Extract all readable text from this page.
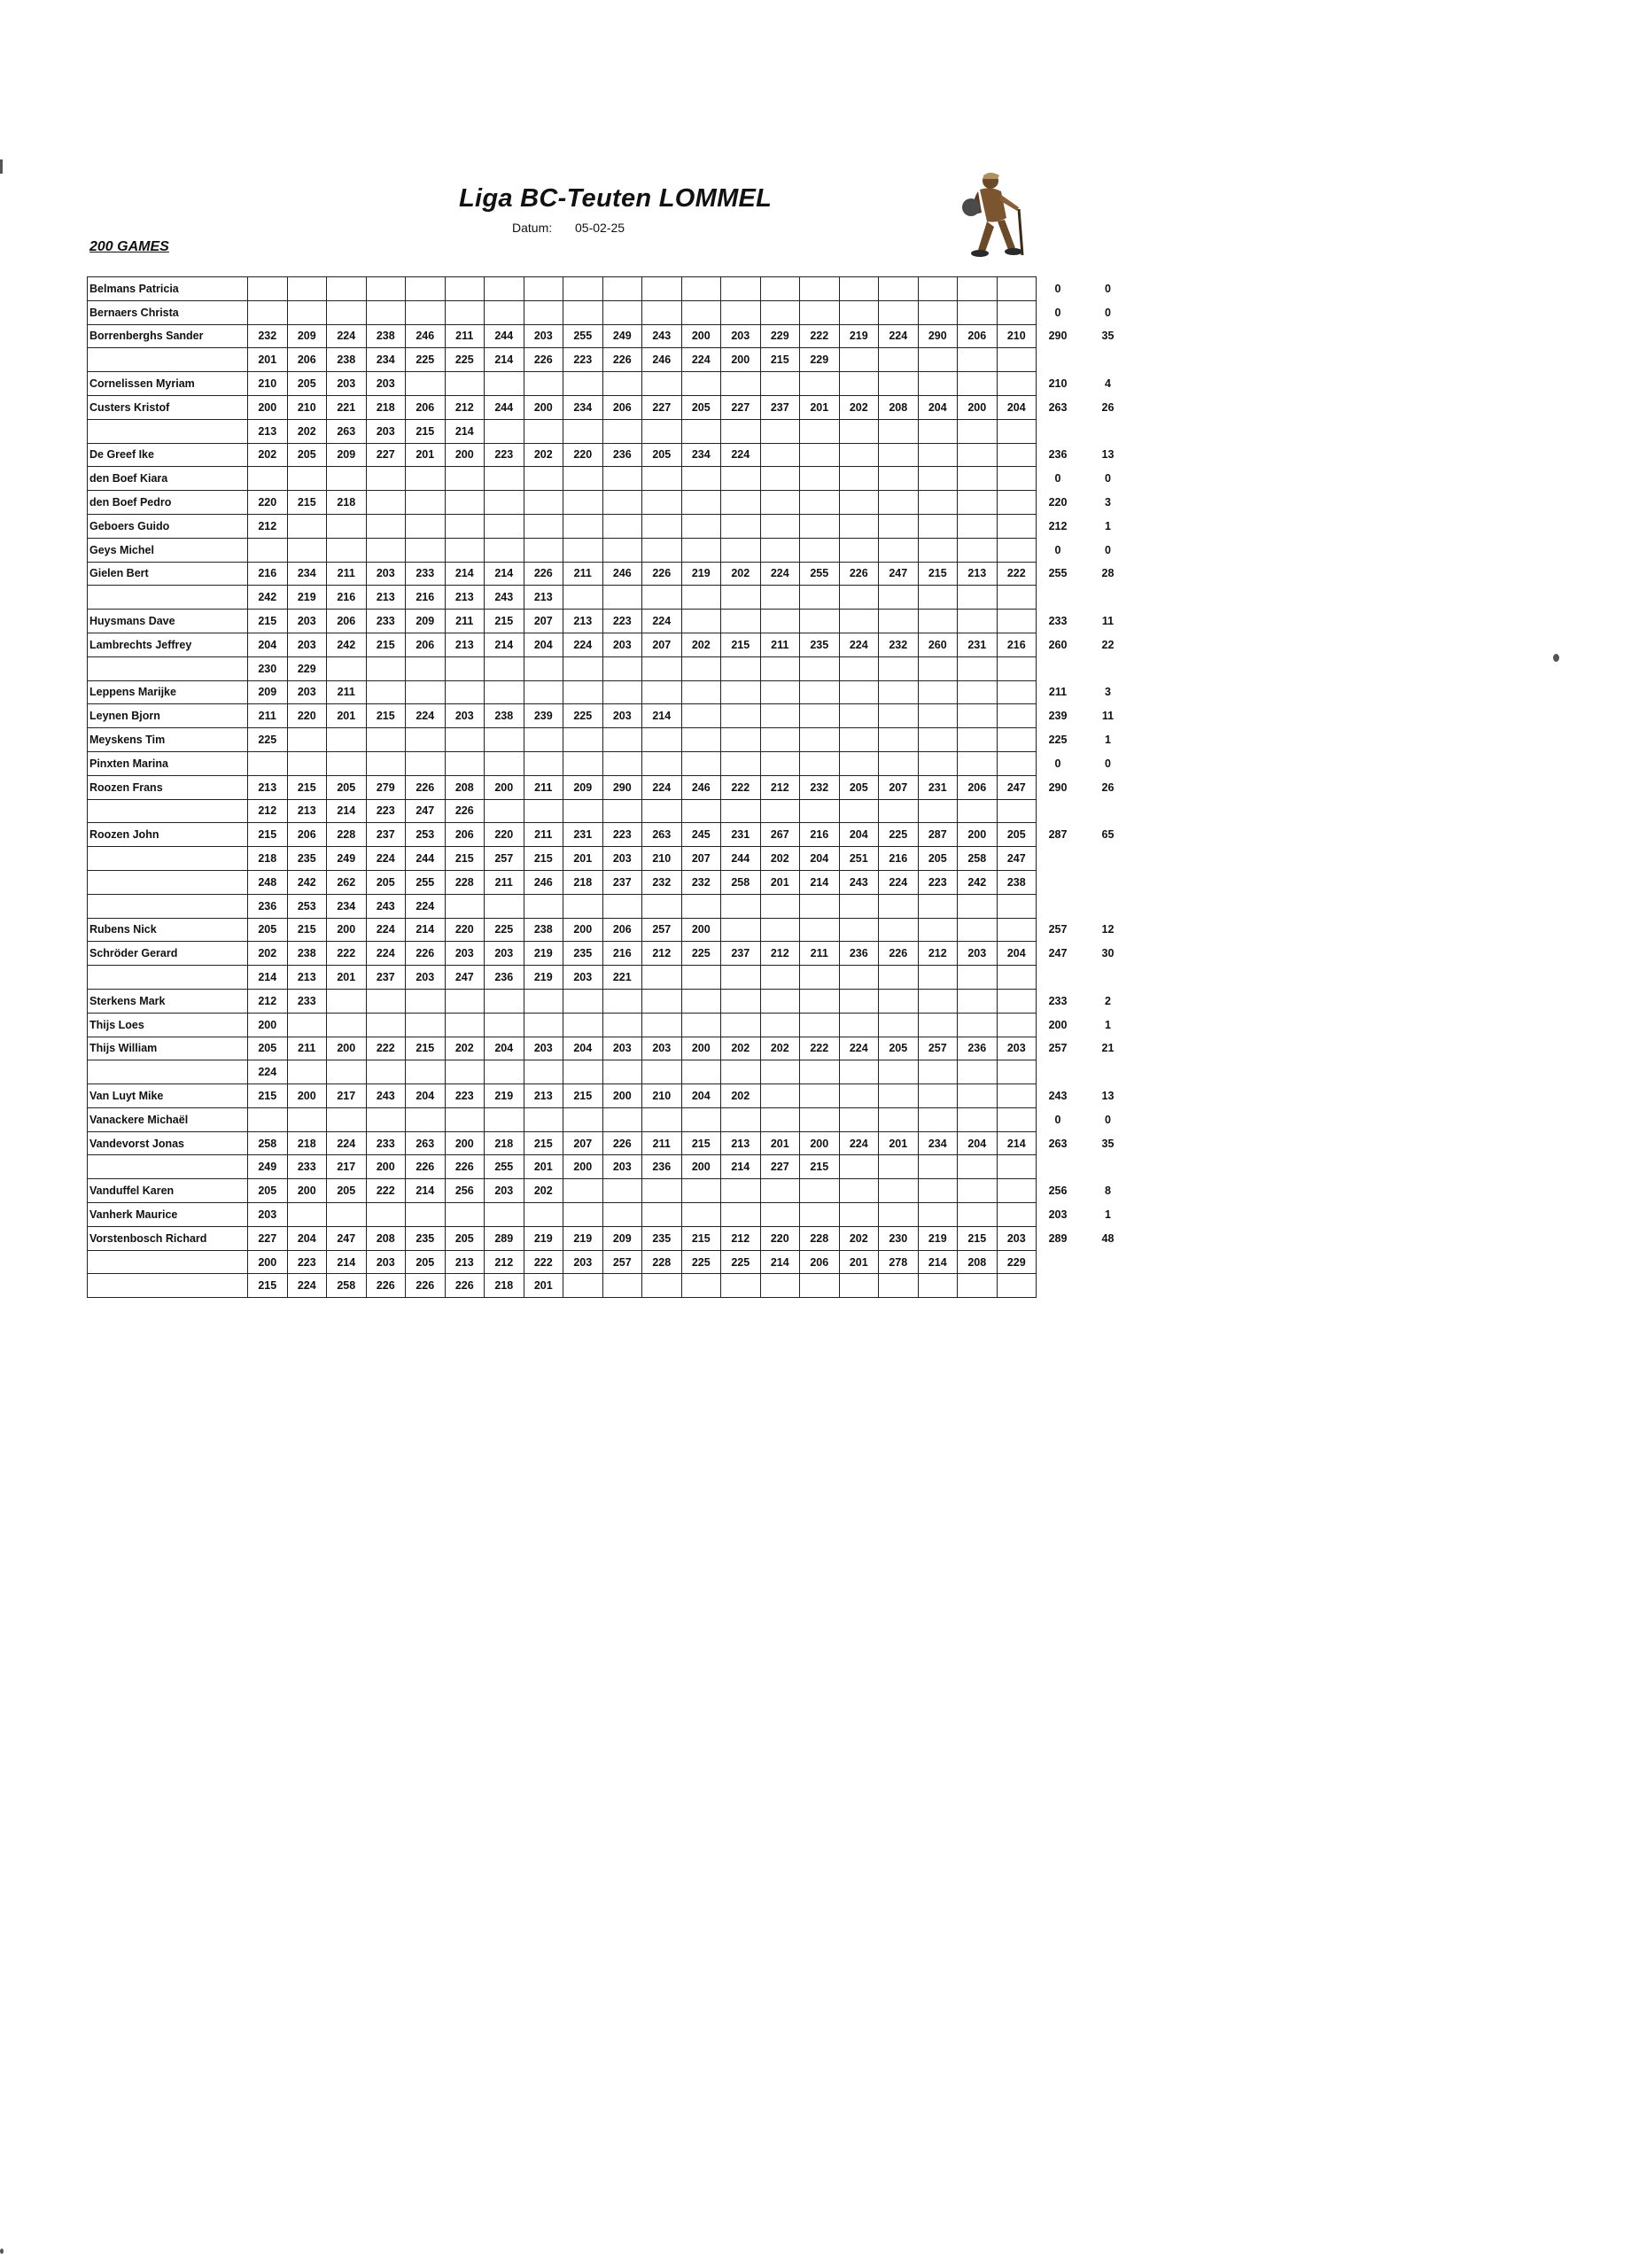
Liga BC-Teuten LOMMEL
Datum: 05-02-25
200 GAMES
Belmans Patricia																					0	0
Bernaers Christa																					0	0
Borrenberghs Sander	232	209	224	238	246	211	244	203	255	249	243	200	203	229	222	219	224	290	206	210	290	35
	201	206	238	234	225	225	214	226	223	226	246	224	200	215	229							
Cornelissen Myriam	210	205	203	203																	210	4
Custers Kristof	200	210	221	218	206	212	244	200	234	206	227	205	227	237	201	202	208	204	200	204	263	26
	213	202	263	203	215	214																
De Greef Ike	202	205	209	227	201	200	223	202	220	236	205	234	224								236	13
den Boef Kiara																					0	0
den Boef Pedro	220	215	218																		220	3
Geboers Guido	212																				212	1
Geys Michel																					0	0
Gielen Bert	216	234	211	203	233	214	214	226	211	246	226	219	202	224	255	226	247	215	213	222	255	28
	242	219	216	213	216	213	243	213														
Huysmans Dave	215	203	206	233	209	211	215	207	213	223	224										233	11
Lambrechts Jeffrey	204	203	242	215	206	213	214	204	224	203	207	202	215	211	235	224	232	260	231	216	260	22
	230	229																				
Leppens Marijke	209	203	211																		211	3
Leynen Bjorn	211	220	201	215	224	203	238	239	225	203	214										239	11
Meyskens Tim	225																				225	1
Pinxten Marina																					0	0
Roozen Frans	213	215	205	279	226	208	200	211	209	290	224	246	222	212	232	205	207	231	206	247	290	26
	212	213	214	223	247	226																
Roozen John	215	206	228	237	253	206	220	211	231	223	263	245	231	267	216	204	225	287	200	205	287	65
	218	235	249	224	244	215	257	215	201	203	210	207	244	202	204	251	216	205	258	247		
	248	242	262	205	255	228	211	246	218	237	232	232	258	201	214	243	224	223	242	238		
	236	253	234	243	224																	
Rubens Nick	205	215	200	224	214	220	225	238	200	206	257	200									257	12
Schröder Gerard	202	238	222	224	226	203	203	219	235	216	212	225	237	212	211	236	226	212	203	204	247	30
	214	213	201	237	203	247	236	219	203	221												
Sterkens Mark	212	233																			233	2
Thijs Loes	200																				200	1
Thijs William	205	211	200	222	215	202	204	203	204	203	203	200	202	202	222	224	205	257	236	203	257	21
	224																					
Van Luyt Mike	215	200	217	243	204	223	219	213	215	200	210	204	202								243	13
Vanackere Michaël																					0	0
Vandevorst Jonas	258	218	224	233	263	200	218	215	207	226	211	215	213	201	200	224	201	234	204	214	263	35
	249	233	217	200	226	226	255	201	200	203	236	200	214	227	215							
Vanduffel Karen	205	200	205	222	214	256	203	202													256	8
Vanherk Maurice	203																				203	1
Vorstenbosch Richard	227	204	247	208	235	205	289	219	219	209	235	215	212	220	228	202	230	219	215	203	289	48
	200	223	214	203	205	213	212	222	203	257	228	225	225	214	206	201	278	214	208	229		
	215	224	258	226	226	226	218	201														
